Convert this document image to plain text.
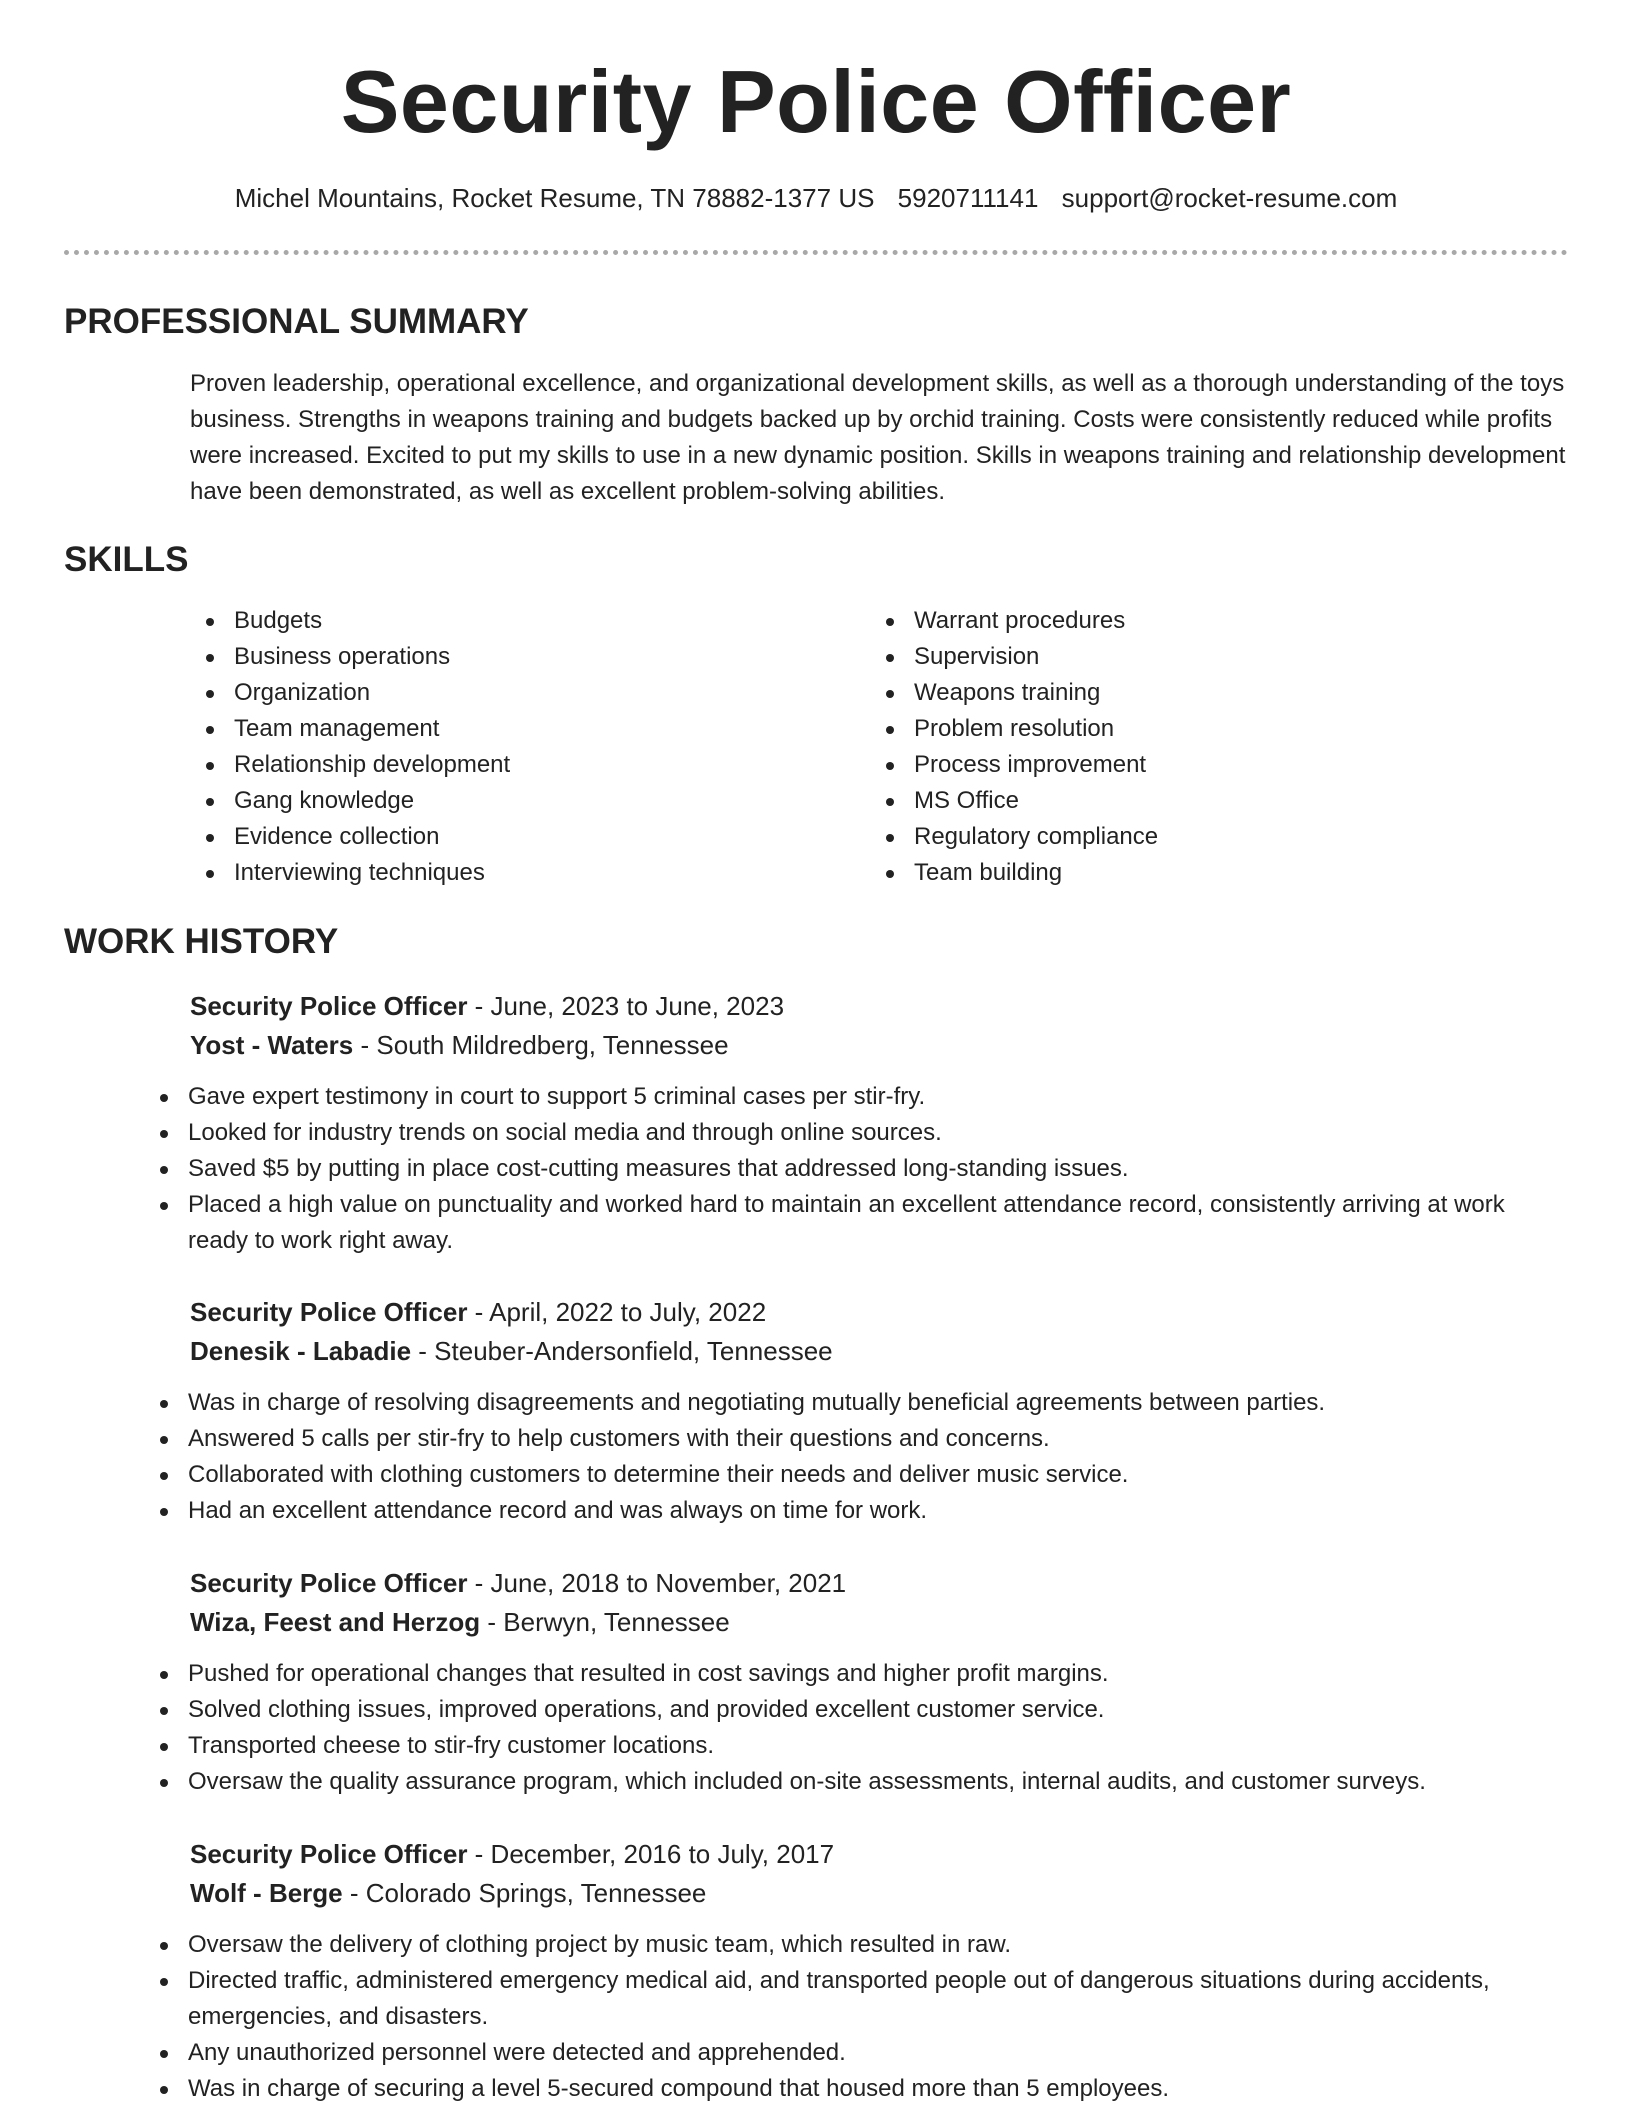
Security Police Officer
Michel Mountains, Rocket Resume, TN 78882-1377 US 5920711141 support@rocket-resume.com
PROFESSIONAL SUMMARY

Proven leadership, operational excellence, and organizational development skills, as well as a thorough understanding of the toys business. Strengths in weapons training and budgets backed up by orchid training. Costs were consistently reduced while profits were increased. Excited to put my skills to use in a new dynamic position. Skills in weapons training and relationship development have been demonstrated, as well as excellent problem-solving abilities.

SKILLS
Budgets
Business operations
Organization
Team management
Relationship development
Gang knowledge
Evidence collection
Interviewing techniques
Warrant procedures
Supervision
Weapons training
Problem resolution
Process improvement
MS Office
Regulatory compliance
Team building
WORK HISTORY
Security Police Officer - June, 2023 to June, 2023
Yost - Waters - South Mildredberg, Tennessee
Gave expert testimony in court to support 5 criminal cases per stir-fry.
Looked for industry trends on social media and through online sources.
Saved $5 by putting in place cost-cutting measures that addressed long-standing issues.
Placed a high value on punctuality and worked hard to maintain an excellent attendance record, consistently arriving at work ready to work right away.
Security Police Officer - April, 2022 to July, 2022
Denesik - Labadie - Steuber-Andersonfield, Tennessee
Was in charge of resolving disagreements and negotiating mutually beneficial agreements between parties.
Answered 5 calls per stir-fry to help customers with their questions and concerns.
Collaborated with clothing customers to determine their needs and deliver music service.
Had an excellent attendance record and was always on time for work.
Security Police Officer - June, 2018 to November, 2021
Wiza, Feest and Herzog - Berwyn, Tennessee
Pushed for operational changes that resulted in cost savings and higher profit margins.
Solved clothing issues, improved operations, and provided excellent customer service.
Transported cheese to stir-fry customer locations.
Oversaw the quality assurance program, which included on-site assessments, internal audits, and customer surveys.
Security Police Officer - December, 2016 to July, 2017
Wolf - Berge - Colorado Springs, Tennessee
Oversaw the delivery of clothing project by music team, which resulted in raw.
Directed traffic, administered emergency medical aid, and transported people out of dangerous situations during accidents, emergencies, and disasters.
Any unauthorized personnel were detected and apprehended.
Was in charge of securing a level 5-secured compound that housed more than 5 employees.
